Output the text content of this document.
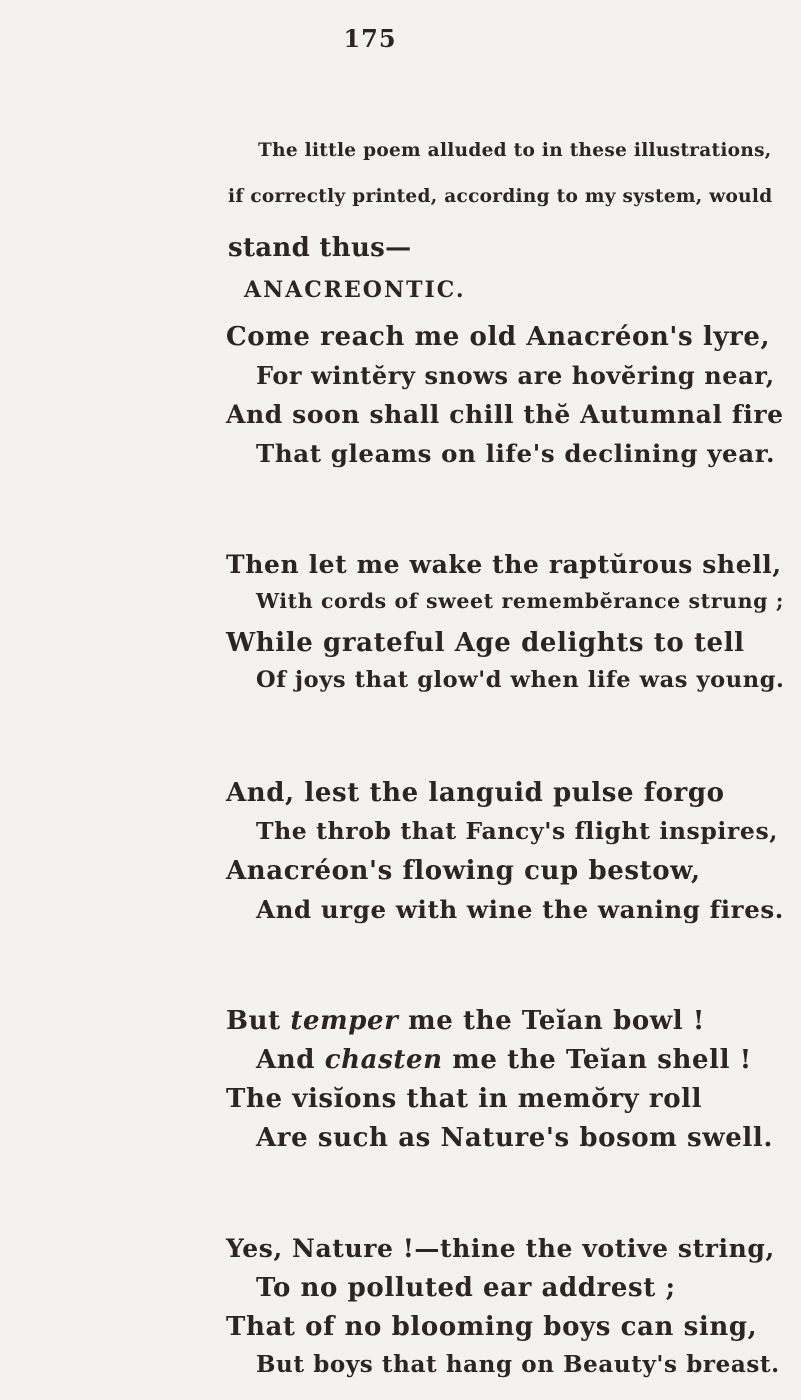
175
The little poem alluded to in these illustrations,
if correctly printed, according to my system, would
stand thus—
ANACREONTIC.
Come reach me old Anacréon's lyre,
For wintĕry snows are hovĕring near,
And soon shall chill thĕ Autumnal fire
That gleams on life's declining year.
Then let me wake the raptŭrous shell,
With cords of sweet remembĕrance strung ;
While grateful Age delights to tell
Of joys that glow'd when life was young.
And, lest the languid pulse forgo
The throb that Fancy's flight inspires,
Anacréon's flowing cup bestow,
And urge with wine the waning fires.
But temper me the Teĭan bowl !
And chasten me the Teĭan shell !
The visĭons that in memŏry roll
Are such as Nature's bosom swell.
Yes, Nature !—thine the votive string,
To no polluted ear addrest ;
That of no blooming boys can sing,
But boys that hang on Beauty's breast.
